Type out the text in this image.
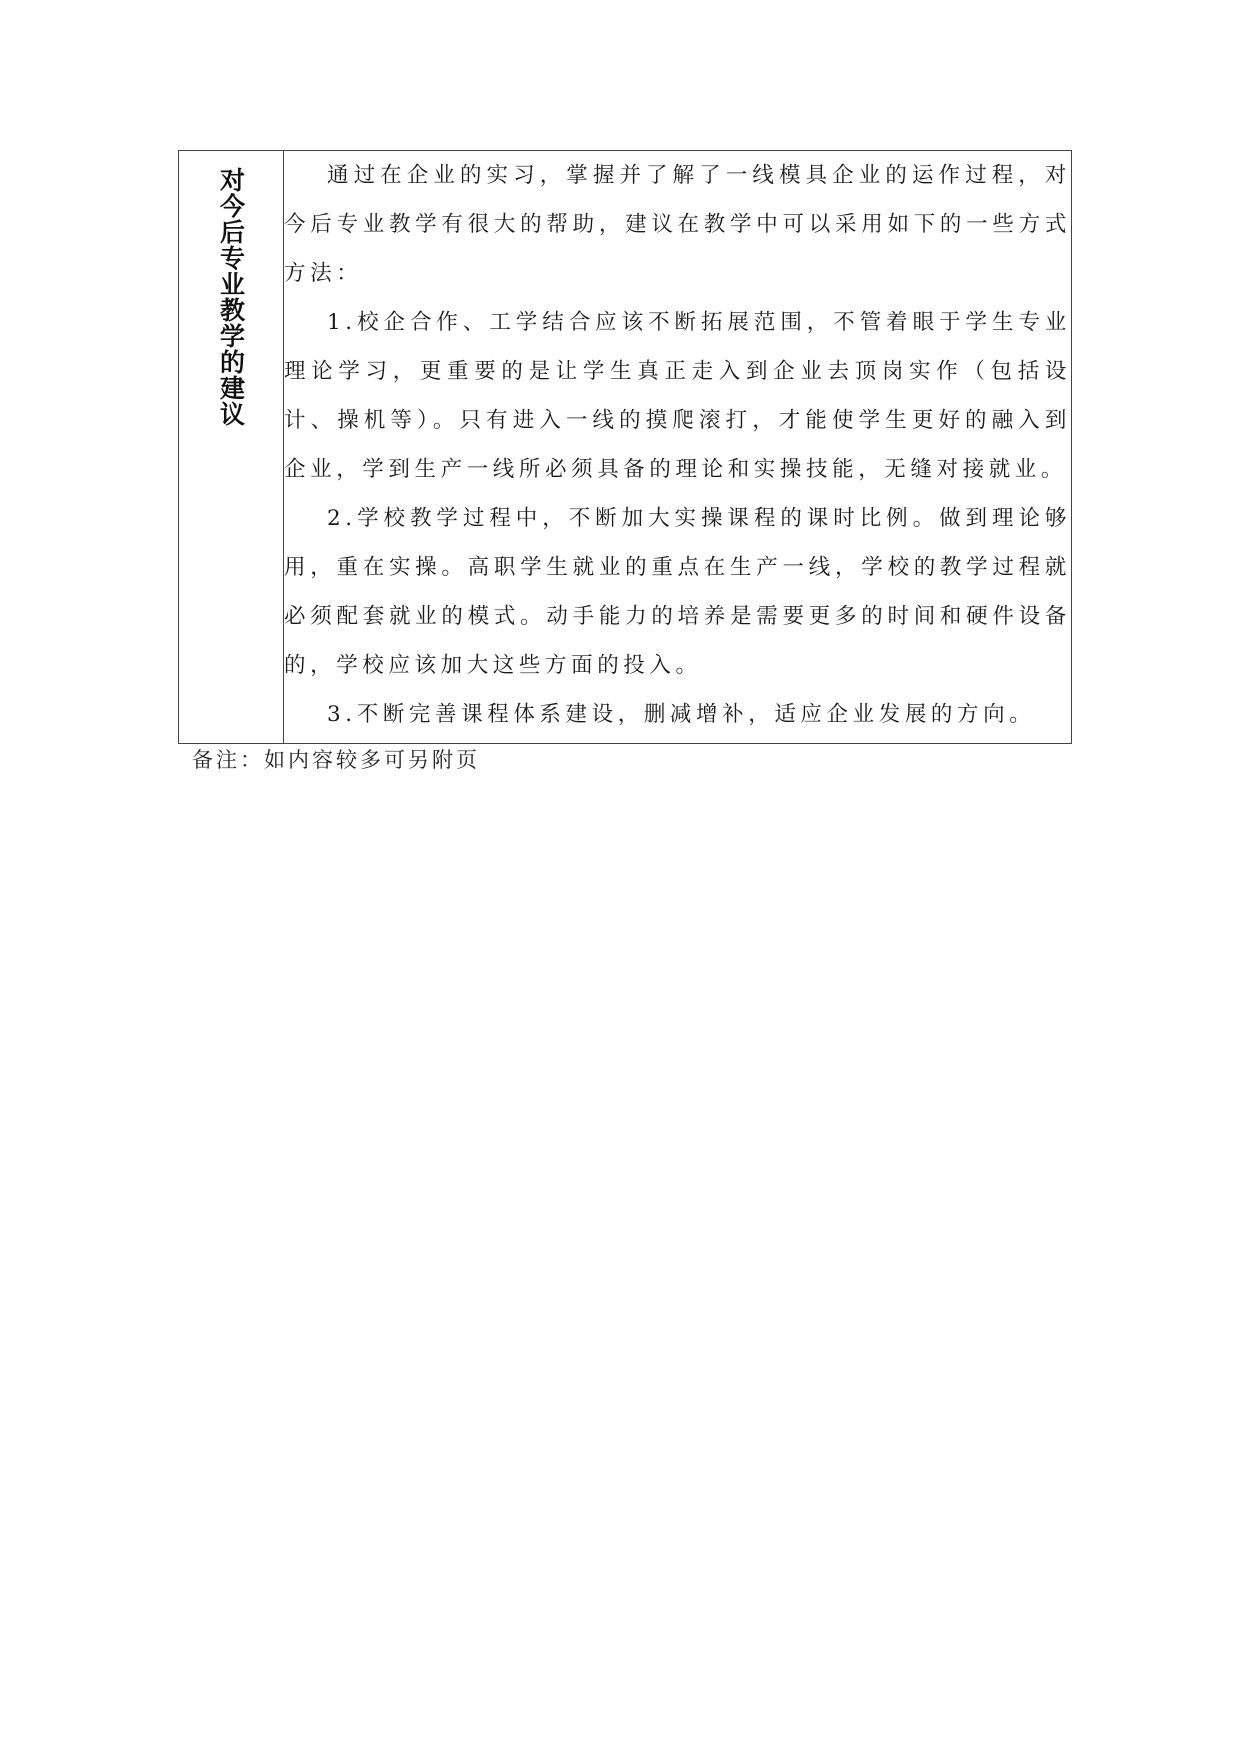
对今后专业教学的建议	通过在企业的实习，掌握并了解了一线模具企业的运作过程，对今后专业教学有很大的帮助，建议在教学中可以采用如下的一些方式方法：

1.校企合作、工学结合应该不断拓展范围，不管着眼于学生专业理论学习，更重要的是让学生真正走入到企业去顶岗实作（包括设计、操机等）。只有进入一线的摸爬滚打，才能使学生更好的融入到企业，学到生产一线所必须具备的理论和实操技能，无缝对接就业。

2.学校教学过程中，不断加大实操课程的课时比例。做到理论够用，重在实操。高职学生就业的重点在生产一线，学校的教学过程就必须配套就业的模式。动手能力的培养是需要更多的时间和硬件设备的，学校应该加大这些方面的投入。

3.不断完善课程体系建设，删减增补，适应企业发展的方向。

备注：如内容较多可另附页
